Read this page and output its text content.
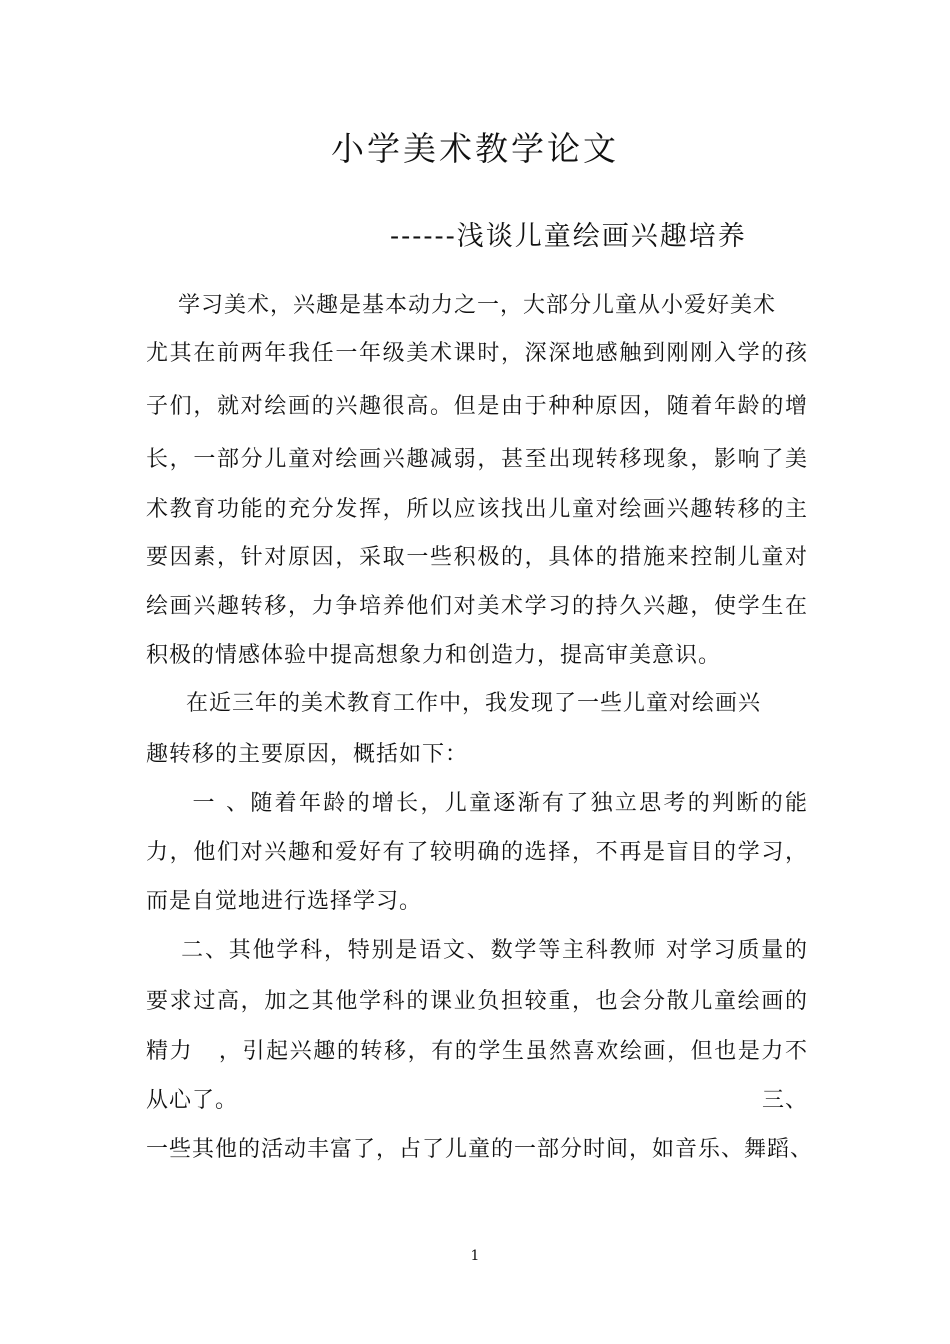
小学美术教学论文
------浅谈儿童绘画兴趣培养
学习美术，兴趣是基本动力之一，大部分儿童从小爱好美术
尤其在前两年我任一年级美术课时，深深地感触到刚刚入学的孩
子们，就对绘画的兴趣很高。但是由于种种原因，随着年龄的增
长，一部分儿童对绘画兴趣减弱，甚至出现转移现象，影响了美
术教育功能的充分发挥，所以应该找出儿童对绘画兴趣转移的主
要因素，针对原因，采取一些积极的，具体的措施来控制儿童对
绘画兴趣转移，力争培养他们对美术学习的持久兴趣，使学生在
积极的情感体验中提高想象力和创造力，提高审美意识。
在近三年的美术教育工作中，我发现了一些儿童对绘画兴
趣转移的主要原因，概括如下：
一 、随着年龄的增长，儿童逐渐有了独立思考的判断的能
力，他们对兴趣和爱好有了较明确的选择，不再是盲目的学习，
而是自觉地进行选择学习。
二、其他学科，特别是语文、数学等主科教师 对学习质量的
要求过高，加之其他学科的课业负担较重，也会分散儿童绘画的
精力   ，引起兴趣的转移，有的学生虽然喜欢绘画，但也是力不
从心了。	三、
一些其他的活动丰富了，占了儿童的一部分时间，如音乐、舞蹈、
1
